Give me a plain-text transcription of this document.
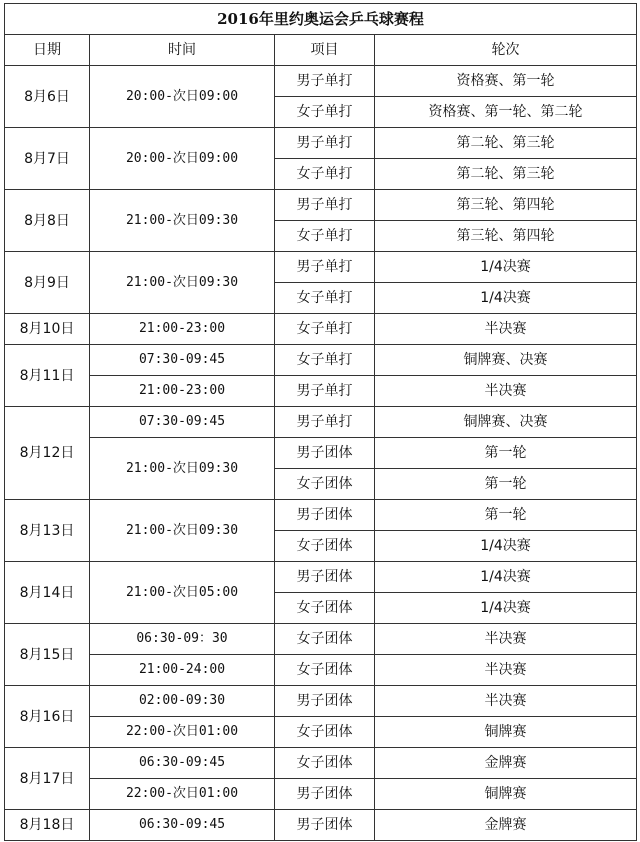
2016年里约奥运会乒乓球赛程			
日期	时间	项目	轮次
8月6日	20:00-次日09:00	男子单打	资格赛、第一轮
		女子单打	资格赛、第一轮、第二轮
8月7日	20:00-次日09:00	男子单打	第二轮、第三轮
		女子单打	第二轮、第三轮
8月8日	21:00-次日09:30	男子单打	第三轮、第四轮
		女子单打	第三轮、第四轮
8月9日	21:00-次日09:30	男子单打	1/4决赛
		女子单打	1/4决赛
8月10日	21:00-23:00	女子单打	半决赛
8月11日	07:30-09:45	女子单打	铜牌赛、决赛
	21:00-23:00	男子单打	半决赛
8月12日	07:30-09:45	男子单打	铜牌赛、决赛
	21:00-次日09:30	男子团体	第一轮
		女子团体	第一轮
8月13日	21:00-次日09:30	男子团体	第一轮
		女子团体	1/4决赛
8月14日	21:00-次日05:00	男子团体	1/4决赛
		女子团体	1/4决赛
8月15日	06:30-09：30	女子团体	半决赛
	21:00-24:00	女子团体	半决赛
8月16日	02:00-09:30	男子团体	半决赛
	22:00-次日01:00	女子团体	铜牌赛
8月17日	06:30-09:45	女子团体	金牌赛
	22:00-次日01:00	男子团体	铜牌赛
8月18日	06:30-09:45	男子团体	金牌赛
